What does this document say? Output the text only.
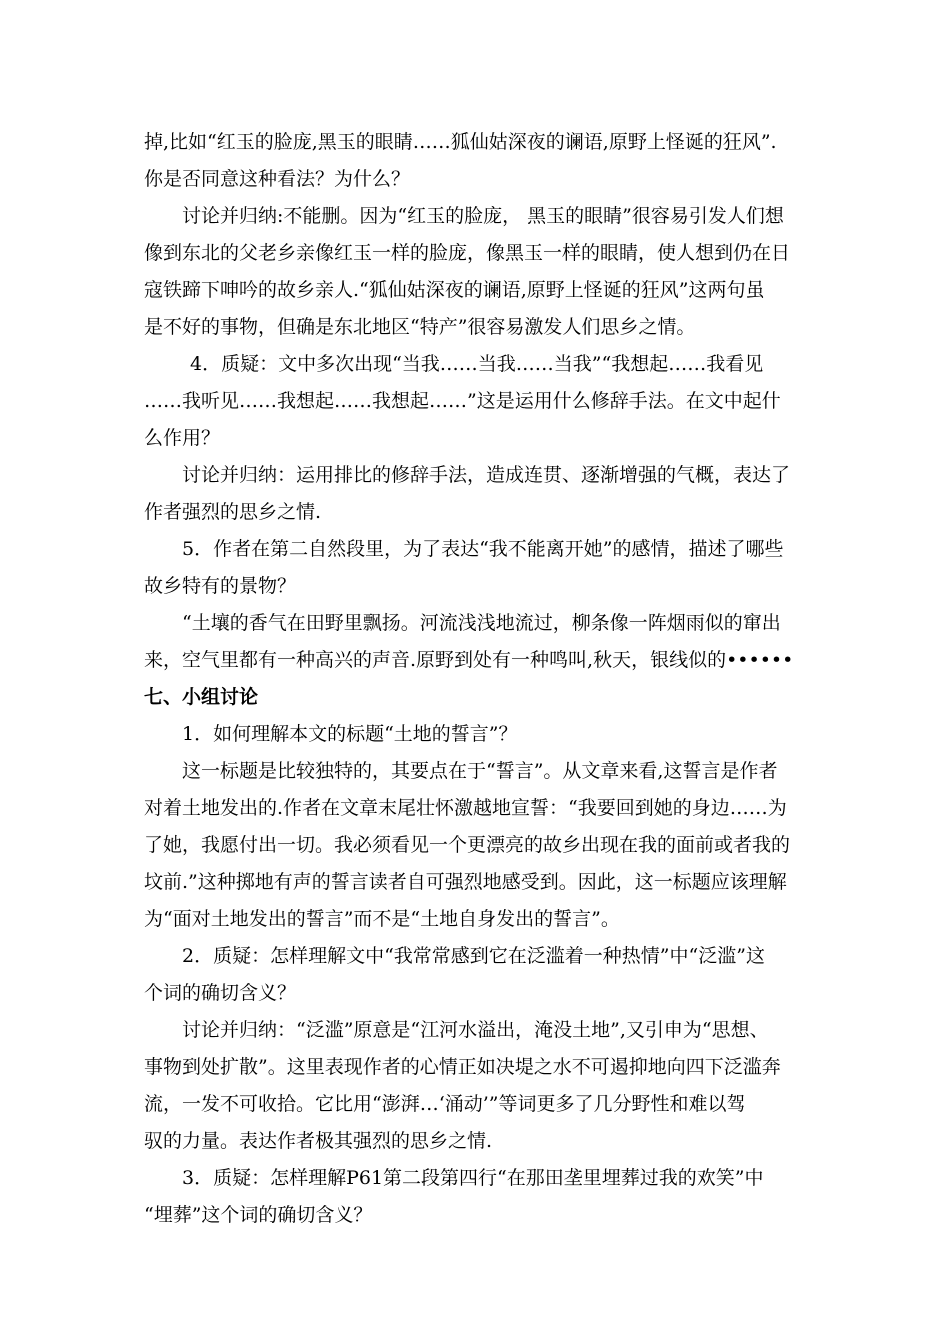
掉,比如“红玉的脸庞,黑玉的眼睛……狐仙姑深夜的谰语,原野上怪诞的狂风”.
你是否同意这种看法？为什么？
讨论并归纳:不能删。因为“红玉的脸庞， 黑玉的眼睛”很容易引发人们想
像到东北的父老乡亲像红玉一样的脸庞，像黑玉一样的眼睛，使人想到仍在日
寇铁蹄下呻吟的故乡亲人.“狐仙姑深夜的谰语,原野上怪诞的狂风”这两句虽
是不好的事物，但确是东北地区“特产”很容易激发人们思乡之情。
4．质疑：文中多次出现“当我……当我……当我”“我想起……我看见
……我听见……我想起……我想起……”这是运用什么修辞手法。在文中起什
么作用？
讨论并归纳：运用排比的修辞手法，造成连贯、逐渐增强的气概，表达了
作者强烈的思乡之情.
5．作者在第二自然段里，为了表达“我不能离开她”的感情，描述了哪些
故乡特有的景物？
“土壤的香气在田野里飘扬。河流浅浅地流过，柳条像一阵烟雨似的窜出
来，空气里都有一种高兴的声音.原野到处有一种鸣叫,秋天，银线似的••••••
七、小组讨论
1．如何理解本文的标题“土地的誓言”？
这一标题是比较独特的，其要点在于“誓言”。从文章来看,这誓言是作者
对着土地发出的.作者在文章末尾壮怀激越地宣誓：“我要回到她的身边……为
了她，我愿付出一切。我必须看见一个更漂亮的故乡出现在我的面前或者我的
坟前.”这种掷地有声的誓言读者自可强烈地感受到。因此，这一标题应该理解
为“面对土地发出的誓言”而不是“土地自身发出的誓言”。
2．质疑：怎样理解文中“我常常感到它在泛滥着一种热情”中“泛滥”这
个词的确切含义？
讨论并归纳：“泛滥”原意是“江河水溢出，淹没土地”,又引申为“思想、
事物到处扩散”。这里表现作者的心情正如决堤之水不可遏抑地向四下泛滥奔
流，一发不可收拾。它比用“澎湃…‘涌动’”等词更多了几分野性和难以驾
驭的力量。表达作者极其强烈的思乡之情.
3．质疑：怎样理解P61第二段第四行“在那田垄里埋葬过我的欢笑”中
“埋葬”这个词的确切含义？
